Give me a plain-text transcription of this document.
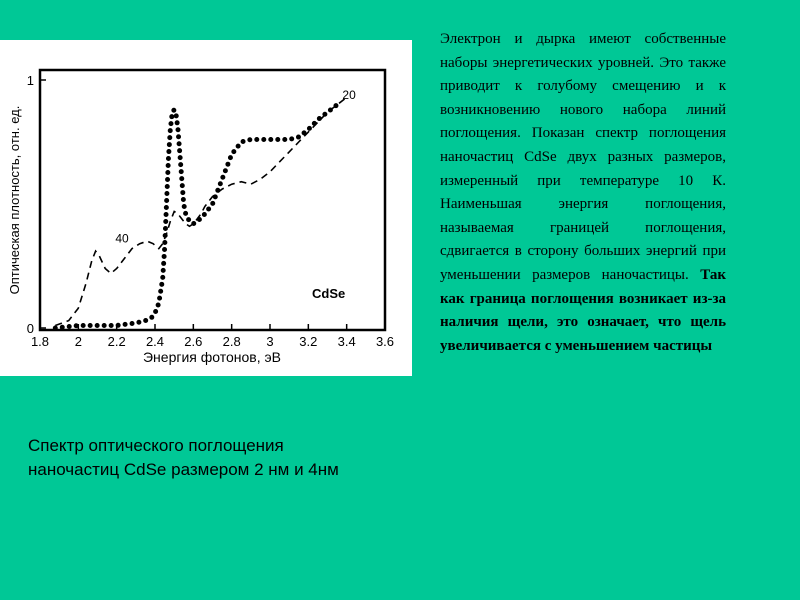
1.8 2 2.2 2.4 2.6 2.8 3 3.2 3.4 3.6
0
1
40
20
Энергия фотонов, эВ
Оптическая плотность, отн. ед.	CdSe
Спектр оптического поглощения наночастиц CdSe размером 2 нм и 4нм
Электрон и дырка имеют собственные наборы энергетических уровней. Это также приводит к голубому смещению и к возникновению нового набора линий поглощения. Показан спектр поглощения наночастиц CdSe двух разных размеров, измеренный при температуре 10 К. Наименьшая энергия поглощения, называемая границей поглощения, сдвигается в сторону больших энергий при уменьшении размеров наночастицы. Так как граница поглощения возникает из-за наличия щели, это означает, что щель увеличивается с уменьшением частицы
